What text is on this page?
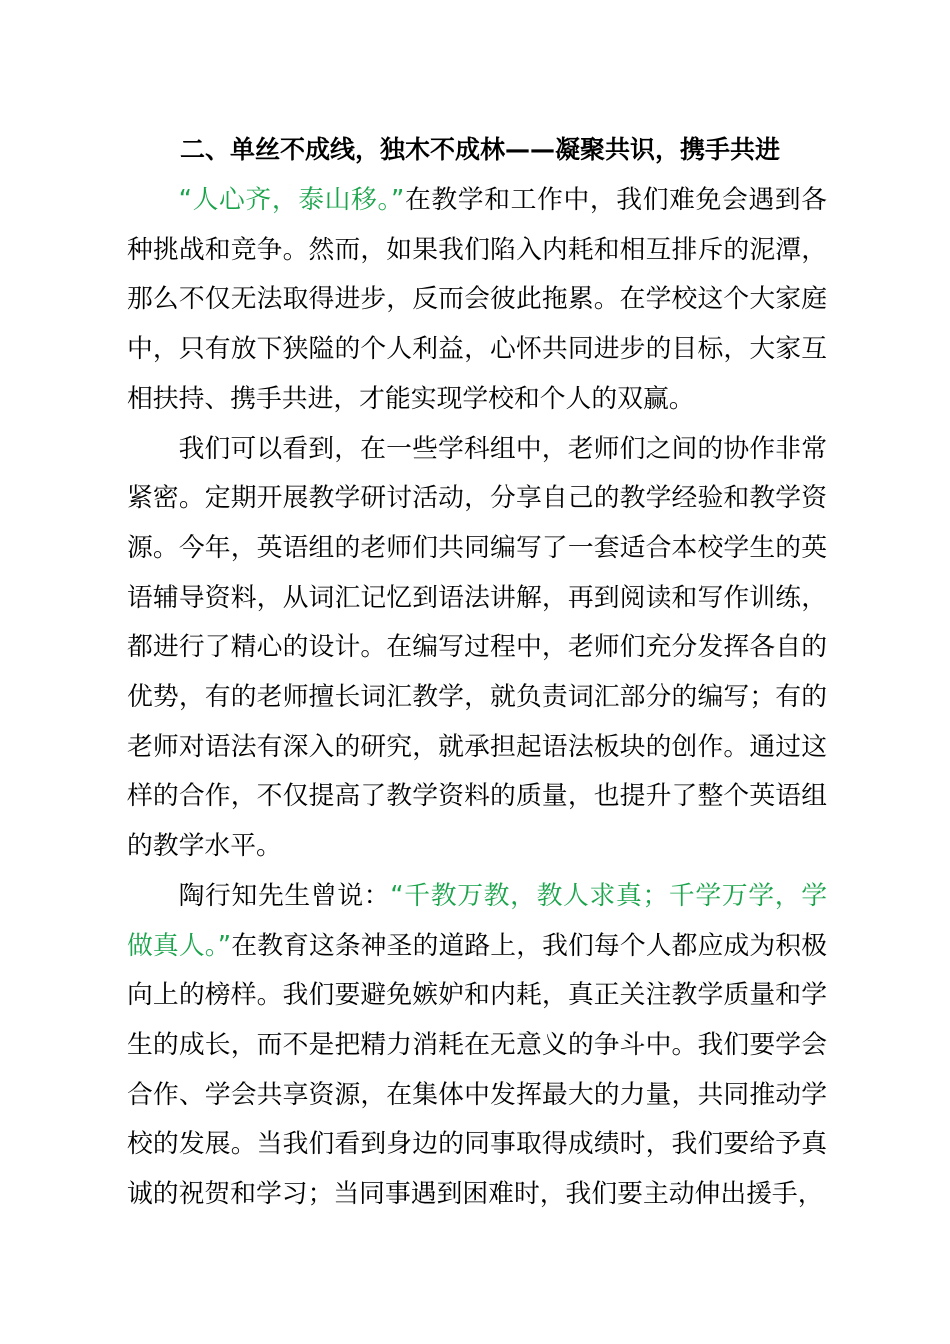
二、单丝不成线，独木不成林——凝聚共识，携手共进

“人心齐，泰山移。”在教学和工作中，我们难免会遇到各种挑战和竞争。然而，如果我们陷入内耗和相互排斥的泥潭，那么不仅无法取得进步，反而会彼此拖累。在学校这个大家庭中，只有放下狭隘的个人利益，心怀共同进步的目标，大家互相扶持、携手共进，才能实现学校和个人的双赢。

我们可以看到，在一些学科组中，老师们之间的协作非常紧密。定期开展教学研讨活动，分享自己的教学经验和教学资源。今年，英语组的老师们共同编写了一套适合本校学生的英语辅导资料，从词汇记忆到语法讲解，再到阅读和写作训练，都进行了精心的设计。在编写过程中，老师们充分发挥各自的优势，有的老师擅长词汇教学，就负责词汇部分的编写；有的老师对语法有深入的研究，就承担起语法板块的创作。通过这样的合作，不仅提高了教学资料的质量，也提升了整个英语组的教学水平。

陶行知先生曾说：“千教万教，教人求真；千学万学，学做真人。”在教育这条神圣的道路上，我们每个人都应成为积极向上的榜样。我们要避免嫉妒和内耗，真正关注教学质量和学生的成长，而不是把精力消耗在无意义的争斗中。我们要学会合作、学会共享资源，在集体中发挥最大的力量，共同推动学校的发展。当我们看到身边的同事取得成绩时，我们要给予真诚的祝贺和学习；当同事遇到困难时，我们要主动伸出援手，
